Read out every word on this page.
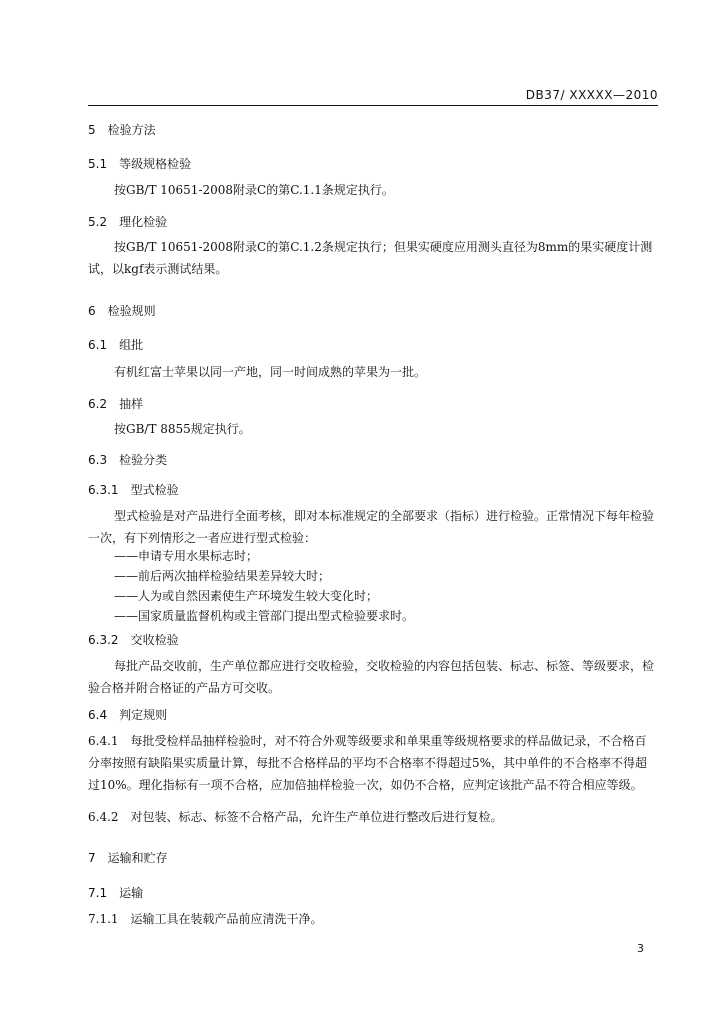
DB37/ XXXXX—2010
5　 检验方法
5.1　 等级规格检验
按GB/T 10651-2008附录C的第C.1.1条规定执行。
5.2　 理化检验
按GB/T 10651-2008附录C的第C.1.2条规定执行；但果实硬度应用测头直径为8mm的果实硬度计测试，以kgf表示测试结果。
6　 检验规则
6.1　 组批
有机红富士苹果以同一产地，同一时间成熟的苹果为一批。
6.2　 抽样
按GB/T 8855规定执行。
6.3　 检验分类
6.3.1　 型式检验
型式检验是对产品进行全面考核，即对本标准规定的全部要求（指标）进行检验。正常情况下每年检验一次，有下列情形之一者应进行型式检验：
——申请专用水果标志时；
——前后两次抽样检验结果差异较大时；
——人为或自然因素使生产环境发生较大变化时；
——国家质量监督机构或主管部门提出型式检验要求时。
6.3.2　 交收检验
每批产品交收前，生产单位都应进行交收检验，交收检验的内容包括包装、标志、标签、等级要求，检验合格并附合格证的产品方可交收。
6.4　 判定规则
6.4.1　每批受检样品抽样检验时，对不符合外观等级要求和单果重等级规格要求的样品做记录，不合格百分率按照有缺陷果实质量计算，每批不合格样品的平均不合格率不得超过5%，其中单件的不合格率不得超过10%。理化指标有一项不合格，应加倍抽样检验一次，如仍不合格，应判定该批产品不符合相应等级。
6.4.2　对包装、标志、标签不合格产品，允许生产单位进行整改后进行复检。
7　 运输和贮存
7.1　 运输
7.1.1　运输工具在装载产品前应清洗干净。
3
